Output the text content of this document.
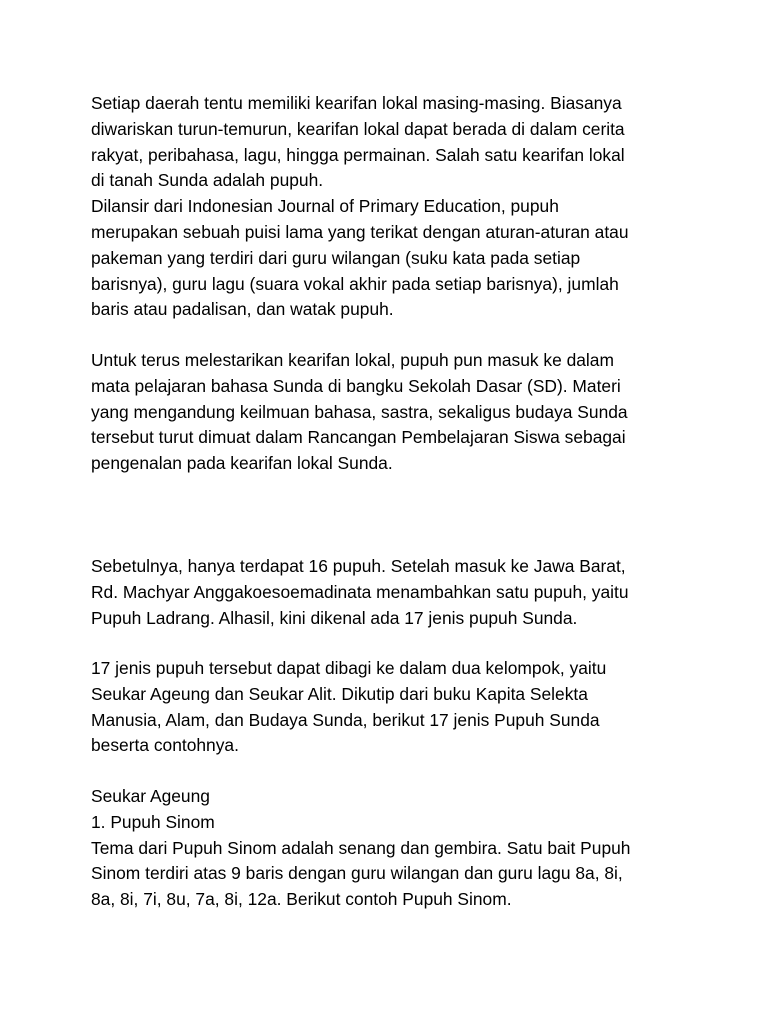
Setiap daerah tentu memiliki kearifan lokal masing-masing. Biasanya
diwariskan turun-temurun, kearifan lokal dapat berada di dalam cerita
rakyat, peribahasa, lagu, hingga permainan. Salah satu kearifan lokal
di tanah Sunda adalah pupuh.
Dilansir dari Indonesian Journal of Primary Education, pupuh
merupakan sebuah puisi lama yang terikat dengan aturan-aturan atau
pakeman yang terdiri dari guru wilangan (suku kata pada setiap
barisnya), guru lagu (suara vokal akhir pada setiap barisnya), jumlah
baris atau padalisan, dan watak pupuh.

Untuk terus melestarikan kearifan lokal, pupuh pun masuk ke dalam
mata pelajaran bahasa Sunda di bangku Sekolah Dasar (SD). Materi
yang mengandung keilmuan bahasa, sastra, sekaligus budaya Sunda
tersebut turut dimuat dalam Rancangan Pembelajaran Siswa sebagai
pengenalan pada kearifan lokal Sunda.

Sebetulnya, hanya terdapat 16 pupuh. Setelah masuk ke Jawa Barat,
Rd. Machyar Anggakoesoemadinata menambahkan satu pupuh, yaitu
Pupuh Ladrang. Alhasil, kini dikenal ada 17 jenis pupuh Sunda.

17 jenis pupuh tersebut dapat dibagi ke dalam dua kelompok, yaitu
Seukar Ageung dan Seukar Alit. Dikutip dari buku Kapita Selekta
Manusia, Alam, dan Budaya Sunda, berikut 17 jenis Pupuh Sunda
beserta contohnya.

Seukar Ageung
1. Pupuh Sinom
Tema dari Pupuh Sinom adalah senang dan gembira. Satu bait Pupuh
Sinom terdiri atas 9 baris dengan guru wilangan dan guru lagu 8a, 8i,
8a, 8i, 7i, 8u, 7a, 8i, 12a. Berikut contoh Pupuh Sinom.
